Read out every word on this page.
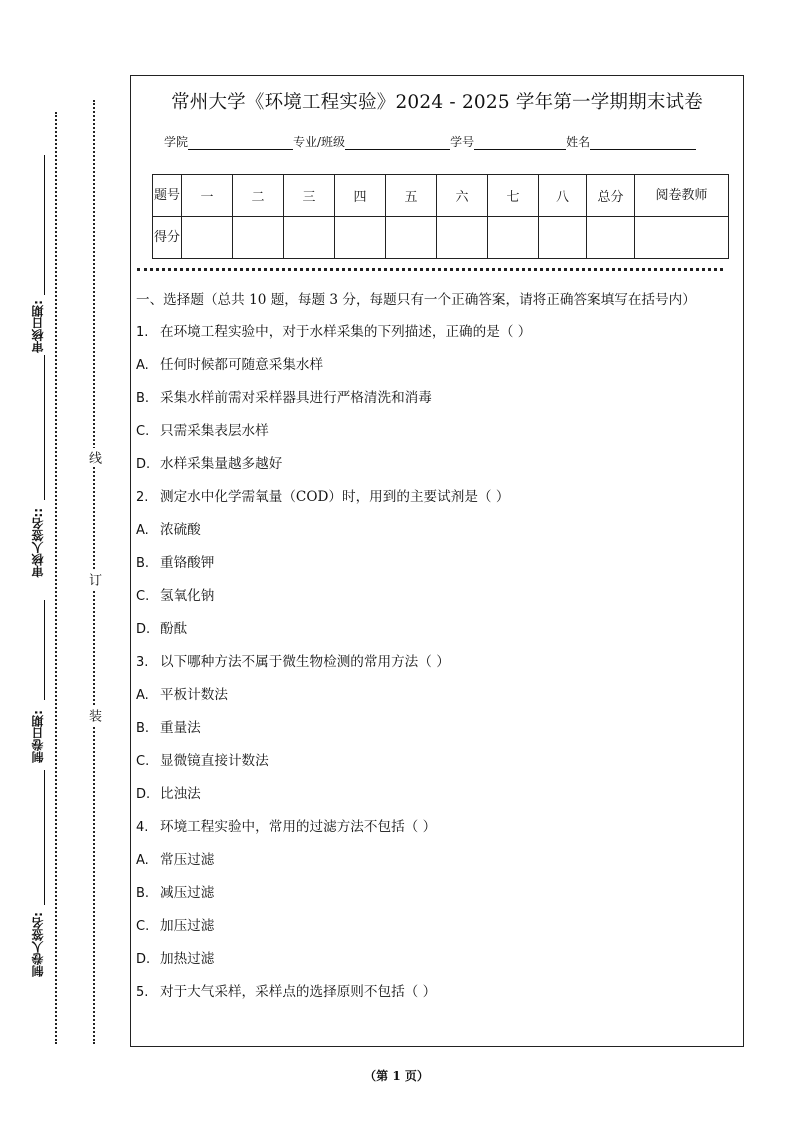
审核日期:
审核人签名::
制卷日期:
制卷人签名:
线
订
装
常州大学《环境工程实验》2024 - 2025 学年第一学期期末试卷
学院	专业/班级	学号	姓名
题号	一	二	三	四	五	六	七	八	总分	阅卷教师
得分										
一、选择题（总共 10 题，每题 3 分，每题只有一个正确答案，请将正确答案填写在括号内）
1. 在环境工程实验中，对于水样采集的下列描述，正确的是（ ）
A. 任何时候都可随意采集水样
B. 采集水样前需对采样器具进行严格清洗和消毒
C. 只需采集表层水样
D. 水样采集量越多越好
2. 测定水中化学需氧量（COD）时，用到的主要试剂是（ ）
A. 浓硫酸
B. 重铬酸钾
C. 氢氧化钠
D. 酚酞
3. 以下哪种方法不属于微生物检测的常用方法（ ）
A. 平板计数法
B. 重量法
C. 显微镜直接计数法
D. 比浊法
4. 环境工程实验中，常用的过滤方法不包括（ ）
A. 常压过滤
B. 减压过滤
C. 加压过滤
D. 加热过滤
5. 对于大气采样，采样点的选择原则不包括（ ）
（第 1 页）
